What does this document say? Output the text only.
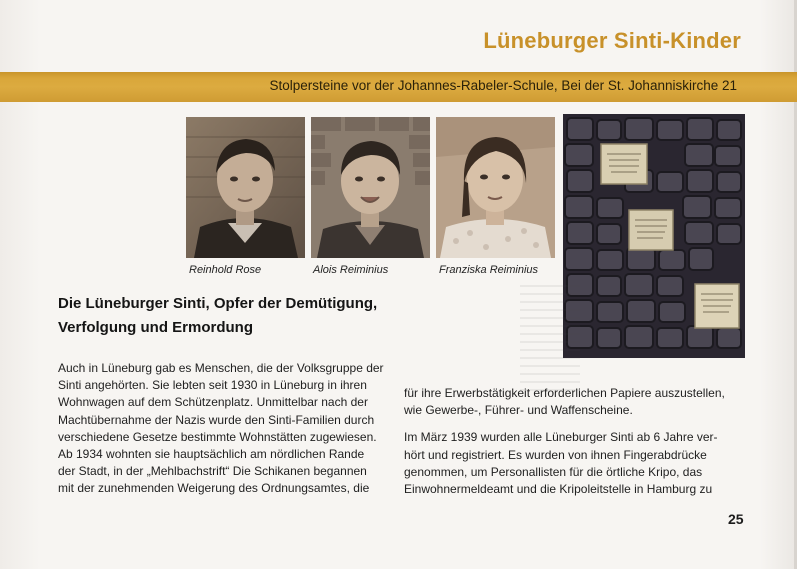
Lüneburger Sinti-Kinder
Stolpersteine vor der Johannes-Rabeler-Schule, Bei der St. Johanniskirche 21
Reinhold Rose	Alois Reiminius	Franziska Reiminius
Die Lüneburger Sinti, Opfer der Demütigung,
Verfolgung und Ermordung
Auch in Lüneburg gab es Menschen, die der Volksgruppe der
Sinti angehörten. Sie lebten seit 1930 in Lüneburg in ihren
Wohnwagen auf dem Schützenplatz. Unmittelbar nach der
Machtübernahme der Nazis wurde den Sinti-Familien durch
verschiedene Gesetze bestimmte Wohnstätten zugewiesen.
Ab 1934 wohnten sie hauptsächlich am nördlichen Rande
der Stadt, in der „Mehlbachstrift“ Die Schikanen begannen
mit der zunehmenden Weigerung des Ordnungsamtes, die

für ihre Erwerbstätigkeit erforderlichen Papiere auszustellen,
wie Gewerbe-, Führer- und Waffenscheine.

Im März 1939 wurden alle Lüneburger Sinti ab 6 Jahre ver-
hört und registriert. Es wurden von ihnen Fingerabdrücke
genommen, um Personallisten für die örtliche Kripo, das
Einwohnermeldeamt und die Kripoleitstelle in Hamburg zu

25
